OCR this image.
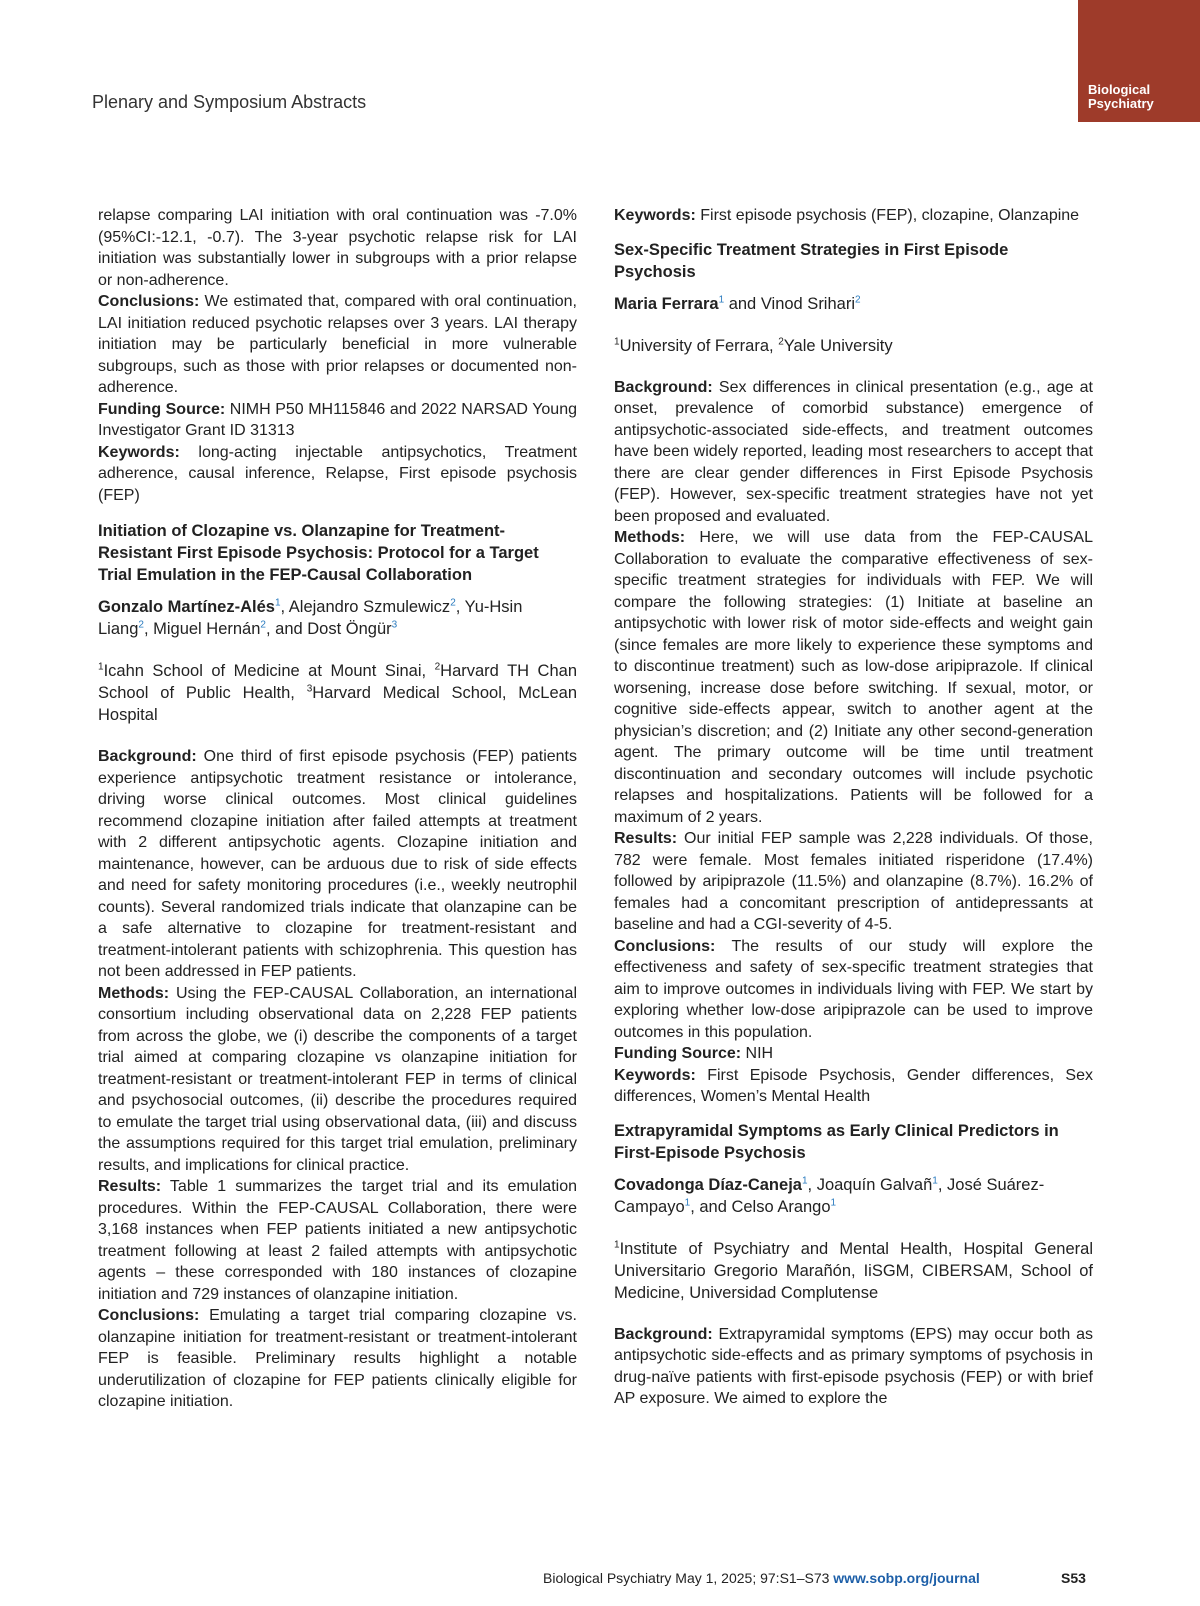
Plenary and Symposium Abstracts
Biological
Psychiatry

relapse comparing LAI initiation with oral continuation was -7.0% (95%CI:-12.1, -0.7). The 3-year psychotic relapse risk for LAI initiation was substantially lower in subgroups with a prior relapse or non-adherence.

Conclusions: We estimated that, compared with oral continuation, LAI initiation reduced psychotic relapses over 3 years. LAI therapy initiation may be particularly beneficial in more vulnerable subgroups, such as those with prior relapses or documented non-adherence.

Funding Source: NIMH P50 MH115846 and 2022 NARSAD Young Investigator Grant ID 31313

Keywords: long-acting injectable antipsychotics, Treatment adherence, causal inference, Relapse, First episode psychosis (FEP)

Initiation of Clozapine vs. Olanzapine for Treatment-Resistant First Episode Psychosis: Protocol for a Target Trial Emulation in the FEP-Causal Collaboration
Gonzalo Martínez-Alés$^1$, Alejandro Szmulewicz$^2$, Yu-Hsin Liang$^2$, Miguel Hernán$^2$, and Dost Öngür$^3$
$^1$Icahn School of Medicine at Mount Sinai, $^2$Harvard TH Chan School of Public Health, $^3$Harvard Medical School, McLean Hospital

Background: One third of first episode psychosis (FEP) patients experience antipsychotic treatment resistance or intolerance, driving worse clinical outcomes. Most clinical guidelines recommend clozapine initiation after failed attempts at treatment with 2 different antipsychotic agents. Clozapine initiation and maintenance, however, can be arduous due to risk of side effects and need for safety monitoring procedures (i.e., weekly neutrophil counts). Several randomized trials indicate that olanzapine can be a safe alternative to clozapine for treatment-resistant and treatment-intolerant patients with schizophrenia. This question has not been addressed in FEP patients.

Methods: Using the FEP-CAUSAL Collaboration, an international consortium including observational data on 2,228 FEP patients from across the globe, we (i) describe the components of a target trial aimed at comparing clozapine vs olanzapine initiation for treatment-resistant or treatment-intolerant FEP in terms of clinical and psychosocial outcomes, (ii) describe the procedures required to emulate the target trial using observational data, (iii) and discuss the assumptions required for this target trial emulation, preliminary results, and implications for clinical practice.

Results: Table 1 summarizes the target trial and its emulation procedures. Within the FEP-CAUSAL Collaboration, there were 3,168 instances when FEP patients initiated a new antipsychotic treatment following at least 2 failed attempts with antipsychotic agents – these corresponded with 180 instances of clozapine initiation and 729 instances of olanzapine initiation.

Conclusions: Emulating a target trial comparing clozapine vs. olanzapine initiation for treatment-resistant or treatment-intolerant FEP is feasible. Preliminary results highlight a notable underutilization of clozapine for FEP patients clinically eligible for clozapine initiation.

Keywords: First episode psychosis (FEP), clozapine, Olanzapine

Sex-Specific Treatment Strategies in First Episode Psychosis
Maria Ferrara$^1$ and Vinod Srihari$^2$
$^1$University of Ferrara, $^2$Yale University

Background: Sex differences in clinical presentation (e.g., age at onset, prevalence of comorbid substance) emergence of antipsychotic-associated side-effects, and treatment outcomes have been widely reported, leading most researchers to accept that there are clear gender differences in First Episode Psychosis (FEP). However, sex-specific treatment strategies have not yet been proposed and evaluated.

Methods: Here, we will use data from the FEP-CAUSAL Collaboration to evaluate the comparative effectiveness of sex-specific treatment strategies for individuals with FEP. We will compare the following strategies: (1) Initiate at baseline an antipsychotic with lower risk of motor side-effects and weight gain (since females are more likely to experience these symptoms and to discontinue treatment) such as low-dose aripiprazole. If clinical worsening, increase dose before switching. If sexual, motor, or cognitive side-effects appear, switch to another agent at the physician’s discretion; and (2) Initiate any other second-generation agent. The primary outcome will be time until treatment discontinuation and secondary outcomes will include psychotic relapses and hospitalizations. Patients will be followed for a maximum of 2 years.

Results: Our initial FEP sample was 2,228 individuals. Of those, 782 were female. Most females initiated risperidone (17.4%) followed by aripiprazole (11.5%) and olanzapine (8.7%). 16.2% of females had a concomitant prescription of antidepressants at baseline and had a CGI-severity of 4-5.

Conclusions: The results of our study will explore the effectiveness and safety of sex-specific treatment strategies that aim to improve outcomes in individuals living with FEP. We start by exploring whether low-dose aripiprazole can be used to improve outcomes in this population.

Funding Source: NIH

Keywords: First Episode Psychosis, Gender differences, Sex differences, Women’s Mental Health

Extrapyramidal Symptoms as Early Clinical Predictors in First-Episode Psychosis
Covadonga Díaz-Caneja$^1$, Joaquín Galvañ$^1$, José Suárez-Campayo$^1$, and Celso Arango$^1$
$^1$Institute of Psychiatry and Mental Health, Hospital General Universitario Gregorio Marañón, IiSGM, CIBERSAM, School of Medicine, Universidad Complutense

Background: Extrapyramidal symptoms (EPS) may occur both as antipsychotic side-effects and as primary symptoms of psychosis in drug-naïve patients with first-episode psychosis (FEP) or with brief AP exposure. We aimed to explore the

Biological Psychiatry May 1, 2025; 97:S1–S73 www.sobp.org/journal	S53
